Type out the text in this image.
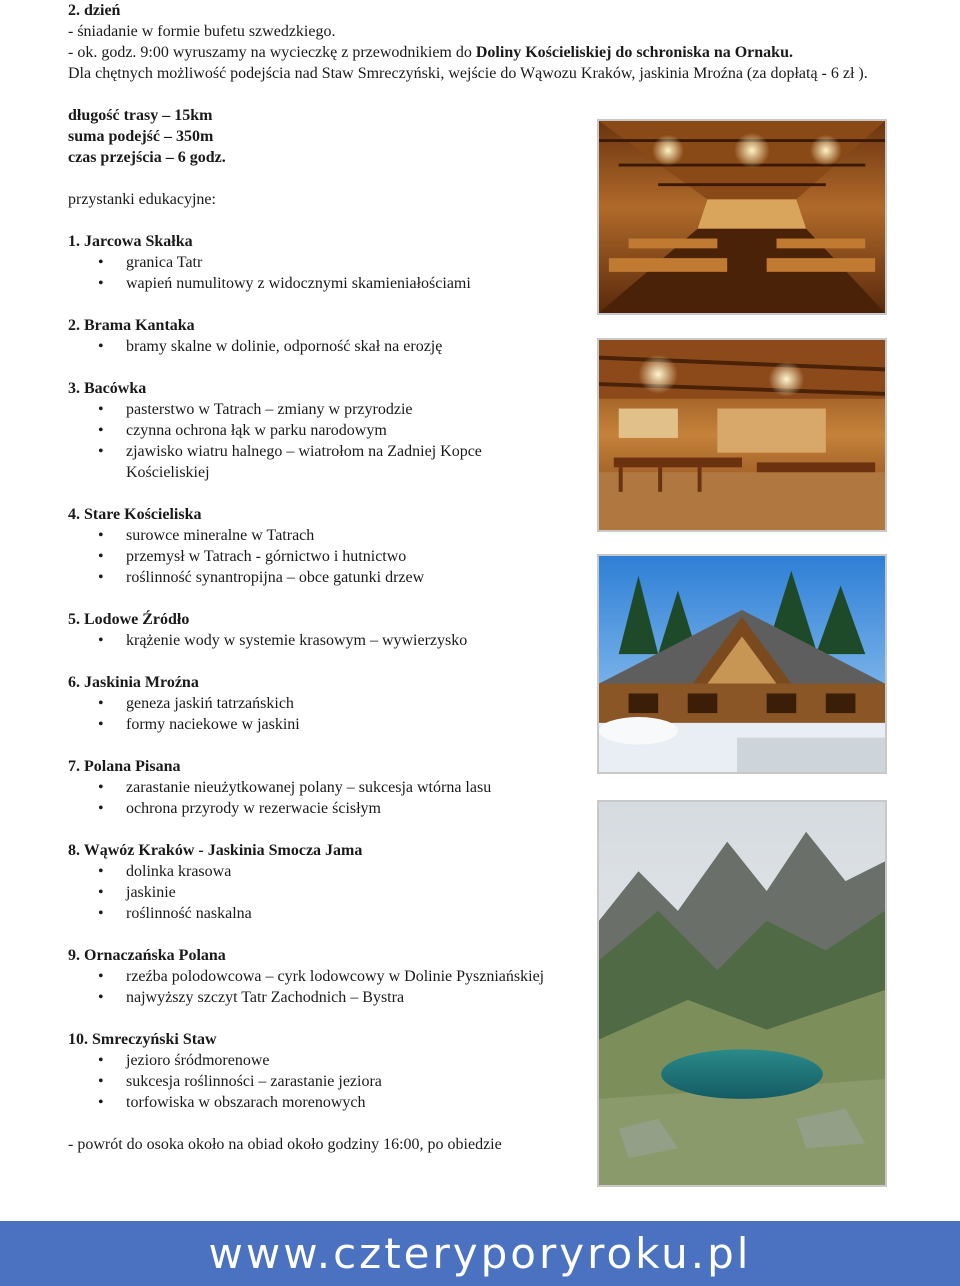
2. dzień
- śniadanie w formie bufetu szwedzkiego.
- ok. godz. 9:00 wyruszamy na wycieczkę z przewodnikiem do Doliny Kościeliskiej do schroniska na Ornaku.
Dla chętnych możliwość podejścia nad Staw Smreczyński, wejście do Wąwozu Kraków, jaskinia Mroźna (za dopłatą - 6 zł ).
długość trasy – 15km
suma podejść – 350m
czas przejścia – 6 godz.
przystanki edukacyjne:
1. Jarcowa Skałka
• granica Tatr
• wapień numulitowy z widocznymi skamieniałościami
2. Brama Kantaka
• bramy skalne w dolinie, odporność skał na erozję
3. Bacówka
• pasterstwo w Tatrach – zmiany w przyrodzie
• czynna ochrona łąk w parku narodowym
• zjawisko wiatru halnego – wiatrołom na Zadniej Kopce Kościeliskiej
4. Stare Kościeliska
• surowce mineralne w Tatrach
• przemysł w Tatrach - górnictwo i hutnictwo
• roślinność synantropijna – obce gatunki drzew
5. Lodowe Źródło
• krążenie wody w systemie krasowym – wywierzysko
6. Jaskinia Mroźna
• geneza jaskiń tatrzańskich
• formy naciekowe w jaskini
7. Polana Pisana
• zarastanie nieużytkowanej polany – sukcesja wtórna lasu
• ochrona przyrody w rezerwacie ścisłym
8. Wąwóz Kraków - Jaskinia Smocza Jama
• dolinka krasowa
• jaskinie
• roślinność naskalna
9. Ornaczańska Polana
• rzeźba polodowcowa – cyrk lodowcowy w Dolinie Pyszniańskiej
• najwyższy szczyt Tatr Zachodnich – Bystra
10. Smreczyński Staw
• jezioro śródmorenowe
• sukcesja roślinności – zarastanie jeziora
• torfowiska w obszarach morenowych
- powrót do osoka około na obiad około godziny 16:00, po obiedzie
www.czteryporyroku.pl
